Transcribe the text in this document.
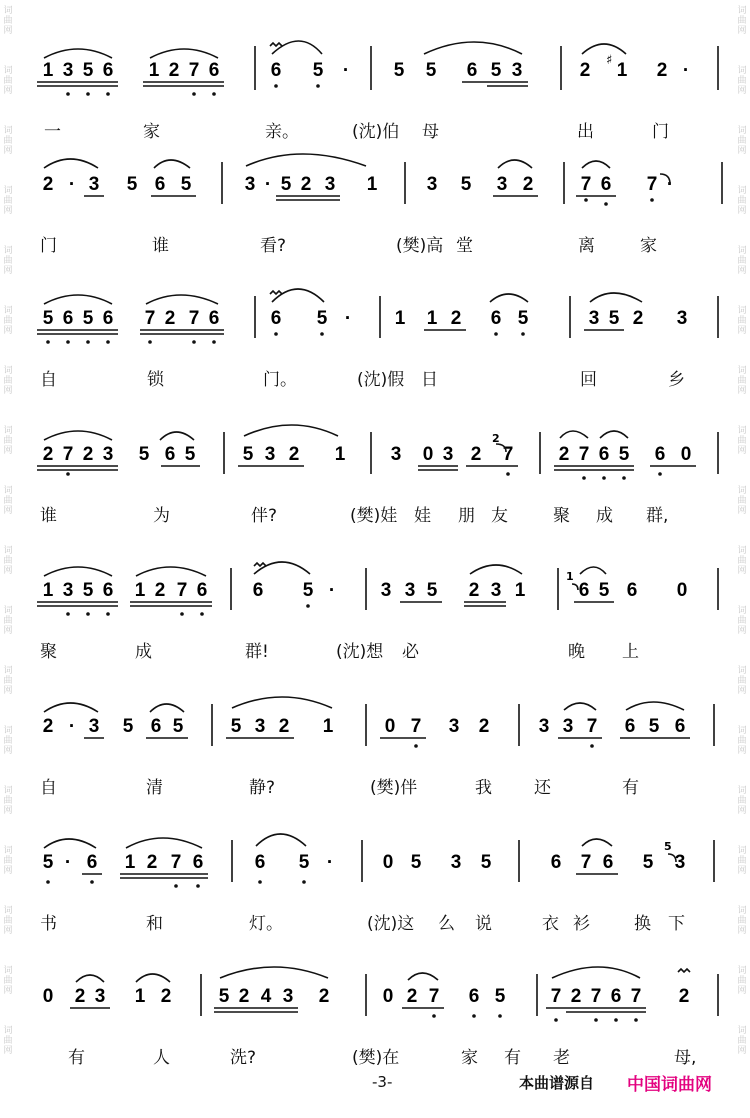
词
曲
网
词
曲
网
词
曲
网
词
曲
网
词
曲
网
词
曲
网
词
曲
网
词
曲
网
词
曲
网
词
曲
网
词
曲
网
词
曲
网
词
曲
网
词
曲
网
词
曲
网
词
曲
网
词
曲
网
词
曲
网
词
曲
网
词
曲
网
词
曲
网
词
曲
网
词
曲
网
词
曲
网
词
曲
网
词
曲
网
词
曲
网
词
曲
网
词
曲
网
词
曲
网
词
曲
网
词
曲
网
词
曲
网
词
曲
网
词
曲
网
词
曲
网
1 3 5 6 1 2 7 6	6 5 · 5 5 6 5 3	2 1 2 ·
♯
一	家	亲。	(沈)伯 母	出	门
2 · 3 5 6 5	3 · 5 2 3 1	3 5 3 2 7 6 7 ·
门	谁	看?	(樊)高 堂	离	家
5 6 5 6 7 2 7 6	6 5 · 1 1 2 6 5	3 5 2 3
自	锁	门。	(沈)假 日	回	乡
2 7 2 3 5 6 5 5 3 2 1 3 0 3 2 7 2 7 6 5 6 0
2
谁	为	伴?	(樊)娃 娃 朋 友	聚 成 群,
1 3 5 6 1 2 7 6 6 5 · 3 3 5 2 3 1	6 5 6 0
1
聚	成	群!	(沈)想 必	晚 上
2 · 3 5 6 5 5 3 2 1	0 7 3 2	3 3 7 6 5 6
自	清	静?	(樊)伴	我 还	有
5 · 6 1 2 7 6	6 5 ·	0 5 3 5	6 7 6 5 3
5
书	和	灯。	(沈)这 么 说	衣 衫	换 下
0 2 3 1 2 5 2 4 3 2	0 2 7 6 5 7 2 7 6 7 2
有	人	洗?	(樊)在	家 有 老	母,
-3-	本曲谱源自 中国词曲网
